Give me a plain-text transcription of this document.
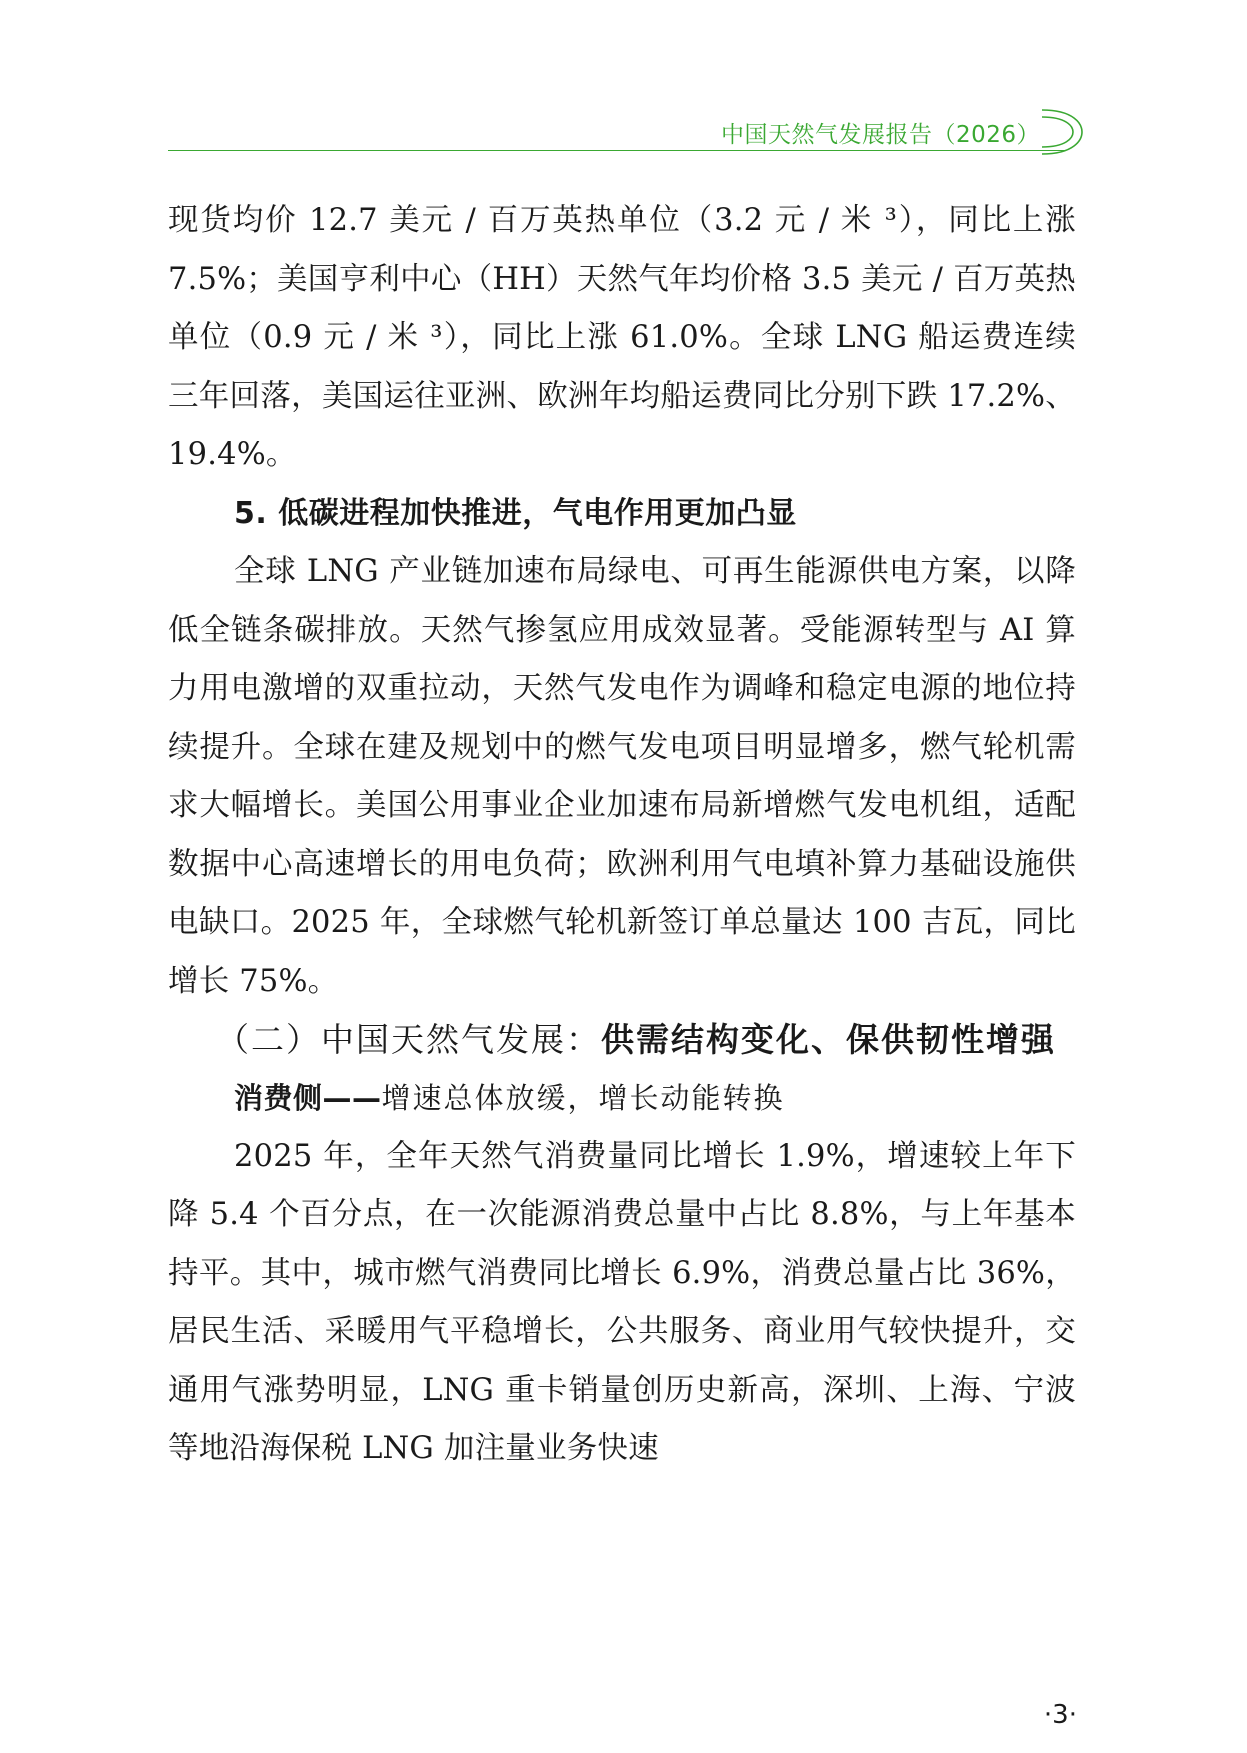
中国天然气发展报告（2026）

现货均价 12.7 美元 / 百万英热单位（3.2 元 / 米 ³），同比上涨 7.5%；美国亨利中心（HH）天然气年均价格 3.5 美元 / 百万英热单位（0.9 元 / 米 ³），同比上涨 61.0%。全球 LNG 船运费连续三年回落，美国运往亚洲、欧洲年均船运费同比分别下跌 17.2%、19.4%。

5. 低碳进程加快推进，气电作用更加凸显

全球 LNG 产业链加速布局绿电、可再生能源供电方案，以降低全链条碳排放。天然气掺氢应用成效显著。受能源转型与 AI 算力用电激增的双重拉动，天然气发电作为调峰和稳定电源的地位持续提升。全球在建及规划中的燃气发电项目明显增多，燃气轮机需求大幅增长。美国公用事业企业加速布局新增燃气发电机组，适配数据中心高速增长的用电负荷；欧洲利用气电填补算力基础设施供电缺口。2025 年，全球燃气轮机新签订单总量达 100 吉瓦，同比增长 75%。

（二）中国天然气发展：供需结构变化、保供韧性增强

消费侧——增速总体放缓，增长动能转换

2025 年，全年天然气消费量同比增长 1.9%，增速较上年下降 5.4 个百分点，在一次能源消费总量中占比 8.8%，与上年基本持平。其中，城市燃气消费同比增长 6.9%，消费总量占比 36%，居民生活、采暖用气平稳增长，公共服务、商业用气较快提升，交通用气涨势明显，LNG 重卡销量创历史新高，深圳、上海、宁波等地沿海保税 LNG 加注量业务快速

·3·
